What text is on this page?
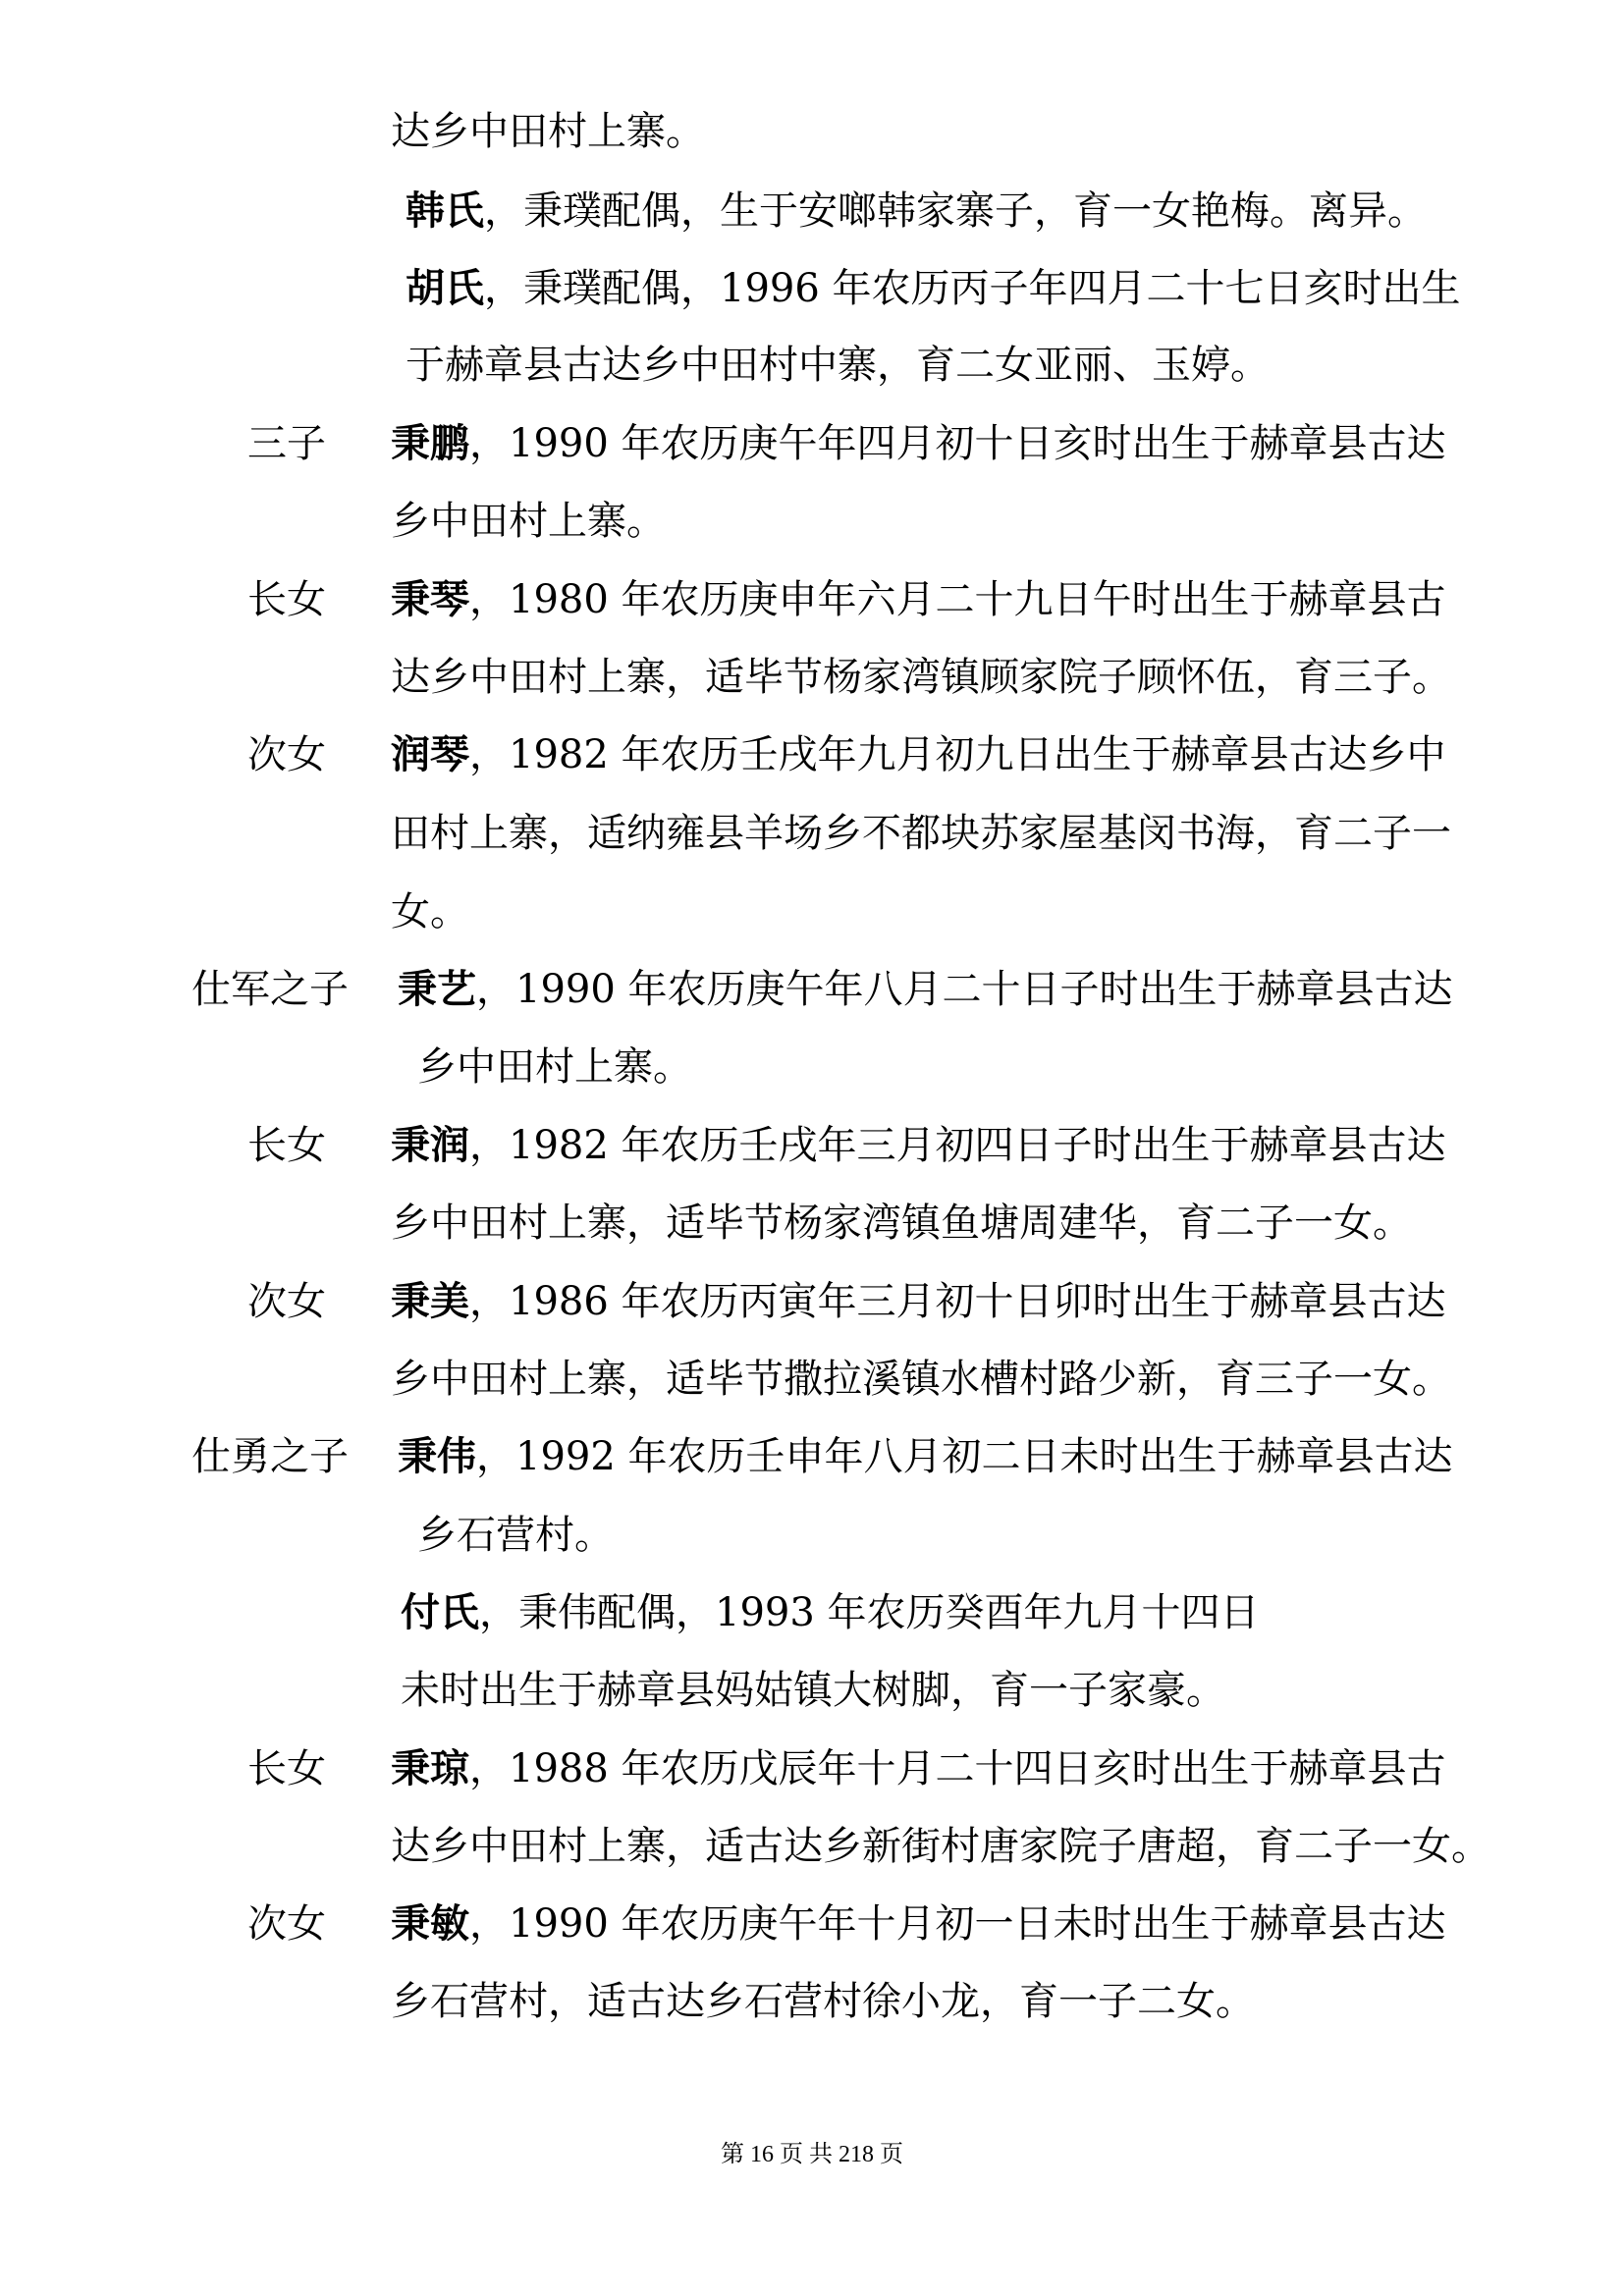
达乡中田村上寨。
韩氏，秉璞配偶，生于安啷韩家寨子，育一女艳梅。离异。
胡氏，秉璞配偶，1996 年农历丙子年四月二十七日亥时出生
于赫章县古达乡中田村中寨，育二女亚丽、玉婷。
三子 秉鹏，1990 年农历庚午年四月初十日亥时出生于赫章县古达
乡中田村上寨。
长女 秉琴，1980 年农历庚申年六月二十九日午时出生于赫章县古
达乡中田村上寨，适毕节杨家湾镇顾家院子顾怀伍，育三子。
次女 润琴，1982 年农历壬戌年九月初九日出生于赫章县古达乡中
田村上寨，适纳雍县羊场乡不都块苏家屋基闵书海，育二子一
女。
仕军之子 秉艺，1990 年农历庚午年八月二十日子时出生于赫章县古达
乡中田村上寨。
长女 秉润，1982 年农历壬戌年三月初四日子时出生于赫章县古达
乡中田村上寨，适毕节杨家湾镇鱼塘周建华，育二子一女。
次女 秉美，1986 年农历丙寅年三月初十日卯时出生于赫章县古达
乡中田村上寨，适毕节撒拉溪镇水槽村路少新，育三子一女。
仕勇之子 秉伟，1992 年农历壬申年八月初二日未时出生于赫章县古达
乡石营村。
付氏，秉伟配偶，1993 年农历癸酉年九月十四日
未时出生于赫章县妈姑镇大树脚，育一子家豪。
长女 秉琼，1988 年农历戊辰年十月二十四日亥时出生于赫章县古
达乡中田村上寨，适古达乡新街村唐家院子唐超，育二子一女。
次女 秉敏，1990 年农历庚午年十月初一日未时出生于赫章县古达
乡石营村，适古达乡石营村徐小龙，育一子二女。
第 16 页 共 218 页
